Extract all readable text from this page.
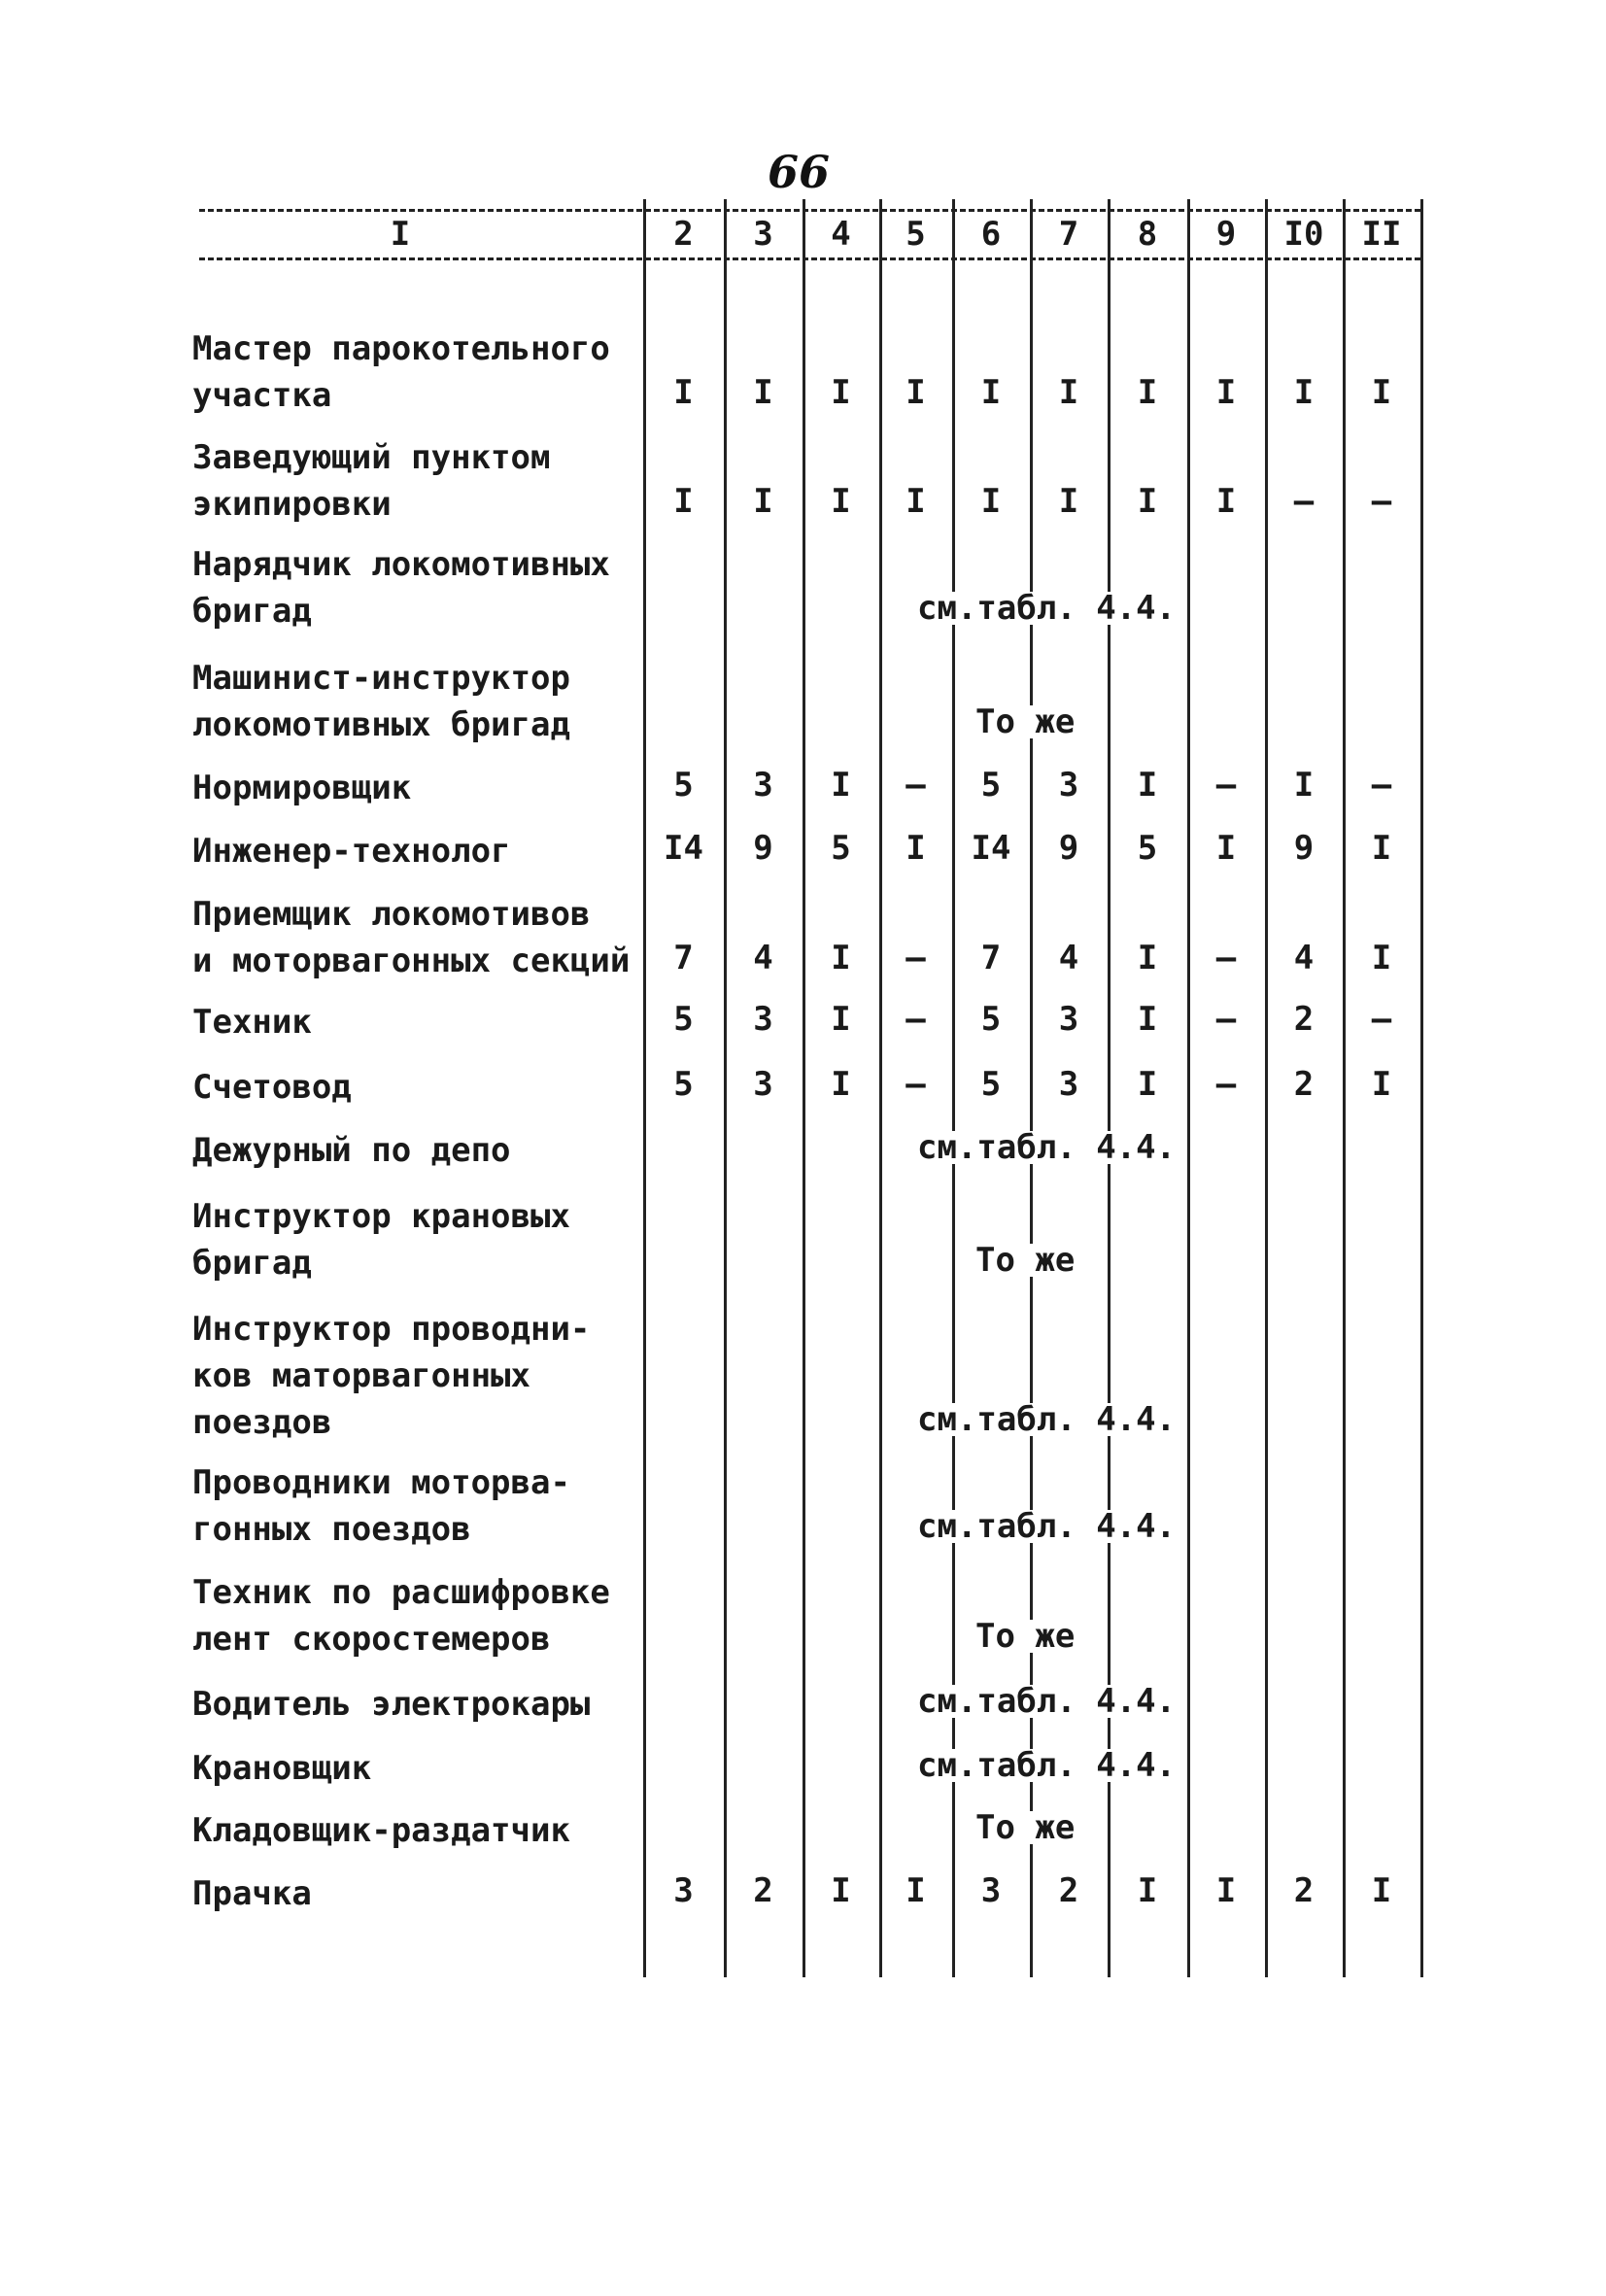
66
I	2	3	4	5	6	7	8	9	I0	II
Мастер парокотельного
участка	I	I	I	I	I	I	I	I	I	I
Заведующий пунктом
экипировки	I	I	I	I	I	I	I	I	–	–
Нарядчик локомотивных
бригад	см.табл. 4.4.
Машинист-инструктор
локомотивных бригад	То же
Нормировщик	5	3	I	–	5	3	I	–	I	–
Инженер-технолог	I4	9	5	I	I4	9	5	I	9	I
Приемщик локомотивов
и моторвагонных секций	7	4	I	–	7	4	I	–	4	I
Техник	5	3	I	–	5	3	I	–	2	–
Счетовод	5	3	I	–	5	3	I	–	2	I
Дежурный по депо	см.табл. 4.4.
Инструктор крановых
бригад	То же
Инструктор проводни-
ков маторвагонных
поездов	см.табл. 4.4.
Проводники моторва-
гонных поездов	см.табл. 4.4.
Техник по расшифровке
лент скоростемеров	То же
Водитель электрокары	см.табл. 4.4.
Крановщик	см.табл. 4.4.
Кладовщик-раздатчик	То же
Прачка	3	2	I	I	3	2	I	I	2	I
